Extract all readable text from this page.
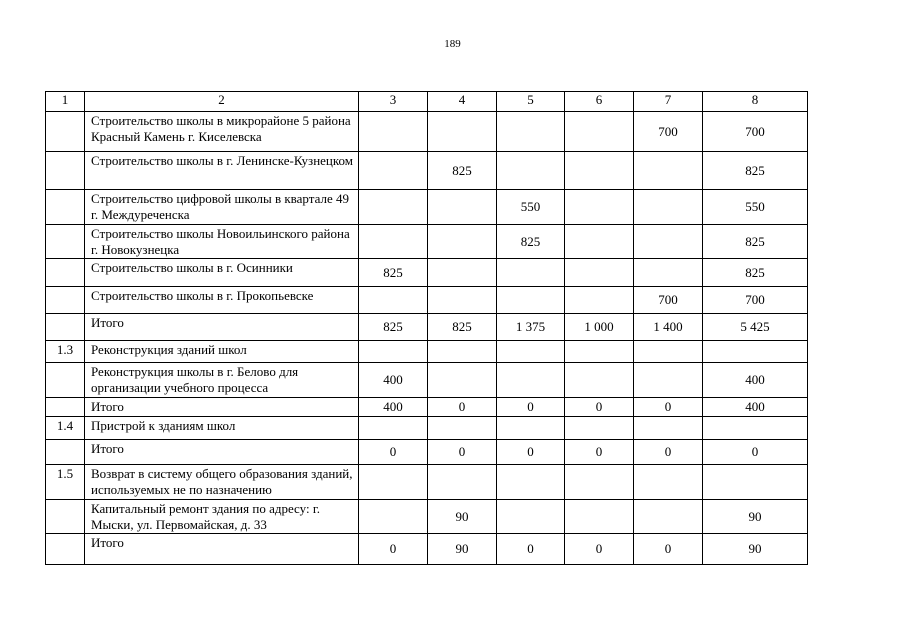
189
1	2	3	4	5	6	7	8
	Строительство школы в микрорайоне 5 района Красный Камень г. Киселевска					700	700
	Строительство школы в г. Ленинске-Кузнецком		825				825
	Строительство цифровой школы в квартале 49 г. Междуреченска			550			550
	Строительство школы Новоильинского района г. Новокузнецка			825			825
	Строительство школы в г. Осинники	825					825
	Строительство школы в г. Прокопьевске					700	700
	Итого	825	825	1 375	1 000	1 400	5 425
1.3	Реконструкция зданий школ						
	Реконструкция школы в г. Белово для организации учебного процесса	400					400
	Итого	400	0	0	0	0	400
1.4	Пристрой к зданиям школ						
	Итого	0	0	0	0	0	0
1.5	Возврат в систему общего образования зданий, используемых не по назначению						
	Капитальный ремонт здания по адресу: г. Мыски, ул. Первомайская, д. 33		90				90
	Итого	0	90	0	0	0	90
